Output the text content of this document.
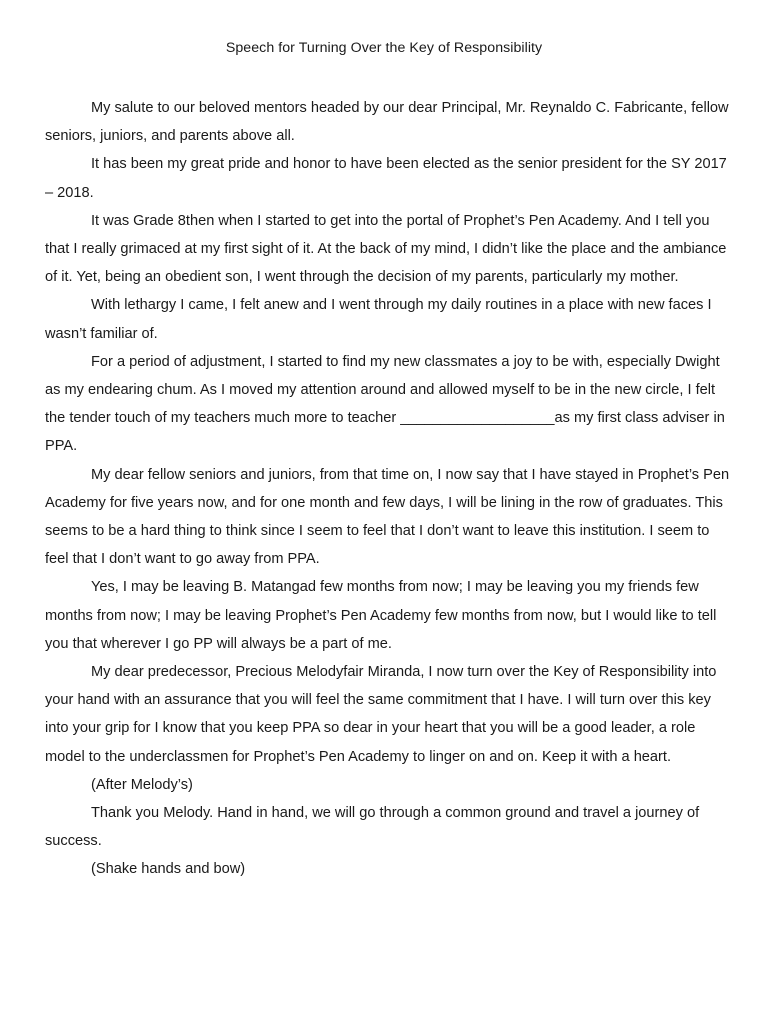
Speech for Turning Over the Key of Responsibility

My salute to our beloved mentors headed by our dear Principal, Mr. Reynaldo C. Fabricante, fellow seniors, juniors, and parents above all.

It has been my great pride and honor to have been elected as the senior president for the SY 2017 – 2018.

It was Grade 8then when I started to get into the portal of Prophet’s Pen Academy. And I tell you that I really grimaced at my first sight of it. At the back of my mind, I didn’t like the place and the ambiance of it. Yet, being an obedient son, I went through the decision of my parents, particularly my mother.

With lethargy I came, I felt anew and I went through my daily routines in a place with new faces I wasn’t familiar of.

For a period of adjustment, I started to find my new classmates a joy to be with, especially Dwight as my endearing chum. As I moved my attention around and allowed myself to be in the new circle, I felt the tender touch of my teachers much more to teacher ___________________as my first class adviser in PPA.

My dear fellow seniors and juniors, from that time on, I now say that I have stayed in Prophet’s Pen Academy for five years now, and for one month and few days, I will be lining in the row of graduates. This seems to be a hard thing to think since I seem to feel that I don’t want to leave this institution. I seem to feel that I don’t want to go away from PPA.

Yes, I may be leaving B. Matangad few months from now; I may be leaving you my friends few months from now; I may be leaving Prophet’s Pen Academy few months from now, but I would like to tell you that wherever I go PP will always be a part of me.

My dear predecessor, Precious Melodyfair Miranda, I now turn over the Key of Responsibility into your hand with an assurance that you will feel the same commitment that I have. I will turn over this key into your grip for I know that you keep PPA so dear in your heart that you will be a good leader, a role model to the underclassmen for Prophet’s Pen Academy to linger on and on. Keep it with a heart.

(After Melody’s)

Thank you Melody. Hand in hand, we will go through a common ground and travel a journey of success.

(Shake hands and bow)
